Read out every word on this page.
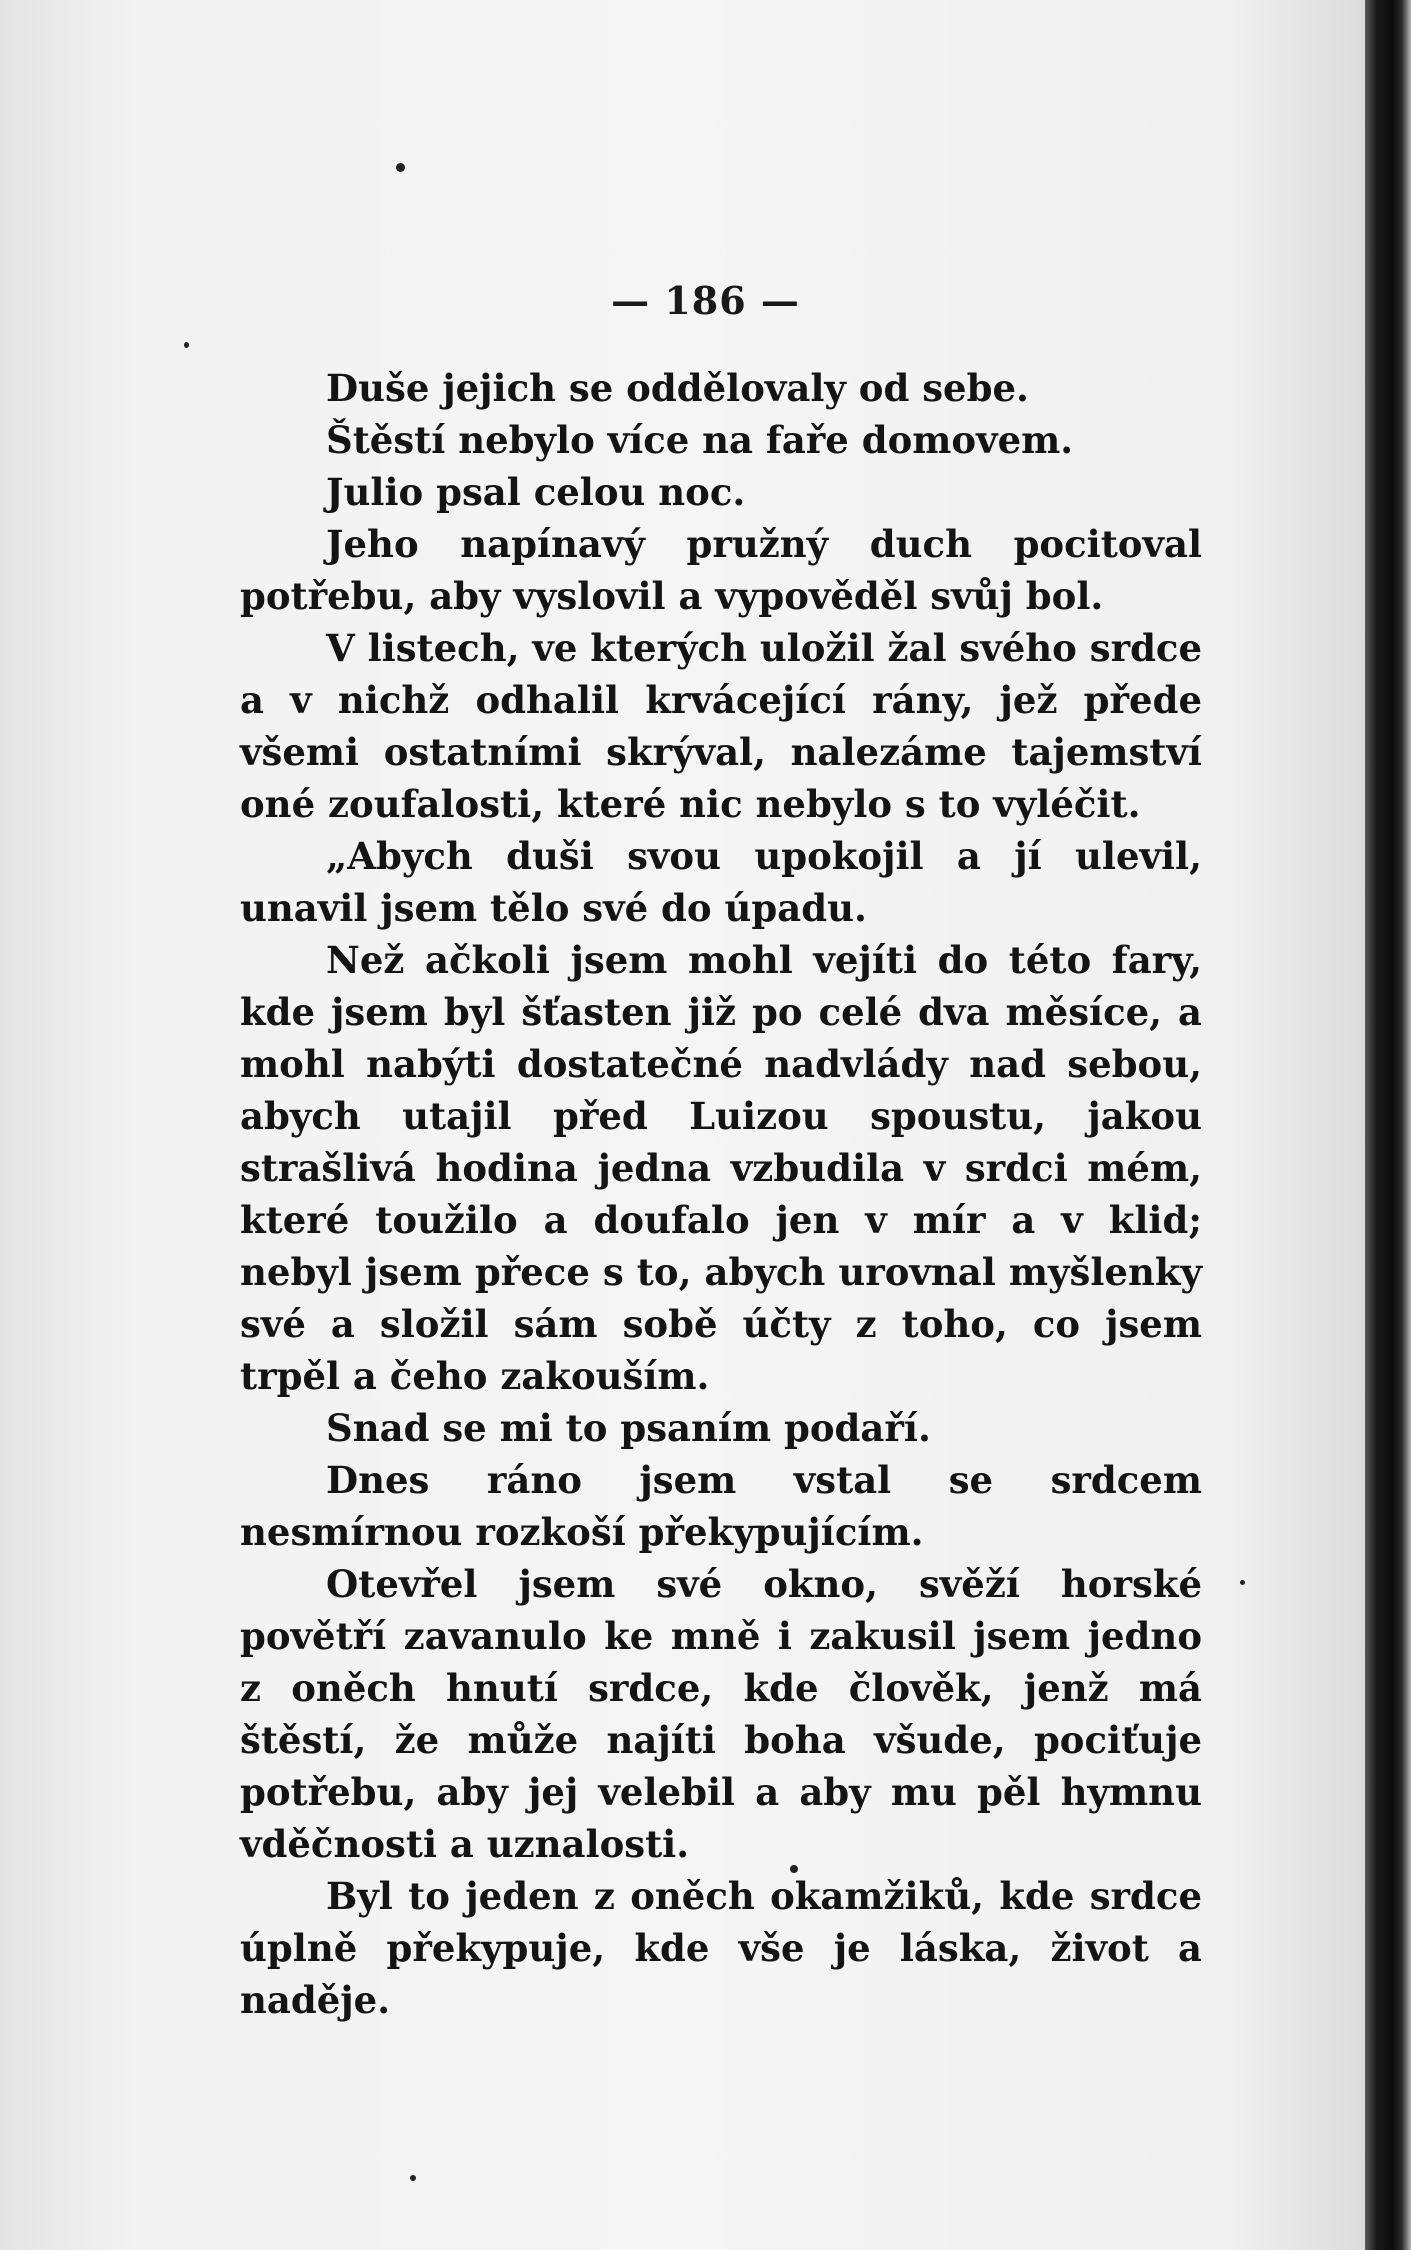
— 186 —

Duše jejich se oddělovaly od sebe.

Štěstí nebylo více na faře domovem.

Julio psal celou noc.

Jeho napínavý pružný duch pocitoval potřebu, aby vyslovil a vypověděl svůj bol.

V listech, ve kterých uložil žal svého srdce a v nichž odhalil krvácející rány, jež přede všemi ostatními skrýval, nalezáme tajemství oné zoufalosti, které nic nebylo s to vyléčit.

„Abych duši svou upokojil a jí ulevil, unavil jsem tělo své do úpadu.

Než ačkoli jsem mohl vejíti do této fary, kde jsem byl šťasten již po celé dva měsíce, a mohl nabýti dostatečné nadvlády nad sebou, abych utajil před Luizou spoustu, jakou strašlivá hodina jedna vzbudila v srdci mém, které toužilo a doufalo jen v mír a v klid; nebyl jsem přece s to, abych urovnal myšlenky své a složil sám sobě účty z toho, co jsem trpěl a čeho zakouším.

Snad se mi to psaním podaří.

Dnes ráno jsem vstal se srdcem nesmírnou rozkoší překypujícím.

Otevřel jsem své okno, svěží horské povětří zavanulo ke mně i zakusil jsem jedno z oněch hnutí srdce, kde člověk, jenž má štěstí, že může najíti boha všude, pociťuje potřebu, aby jej velebil a aby mu pěl hymnu vděčnosti a uznalosti.

Byl to jeden z oněch okamžiků, kde srdce úplně překypuje, kde vše je láska, život a naděje.
